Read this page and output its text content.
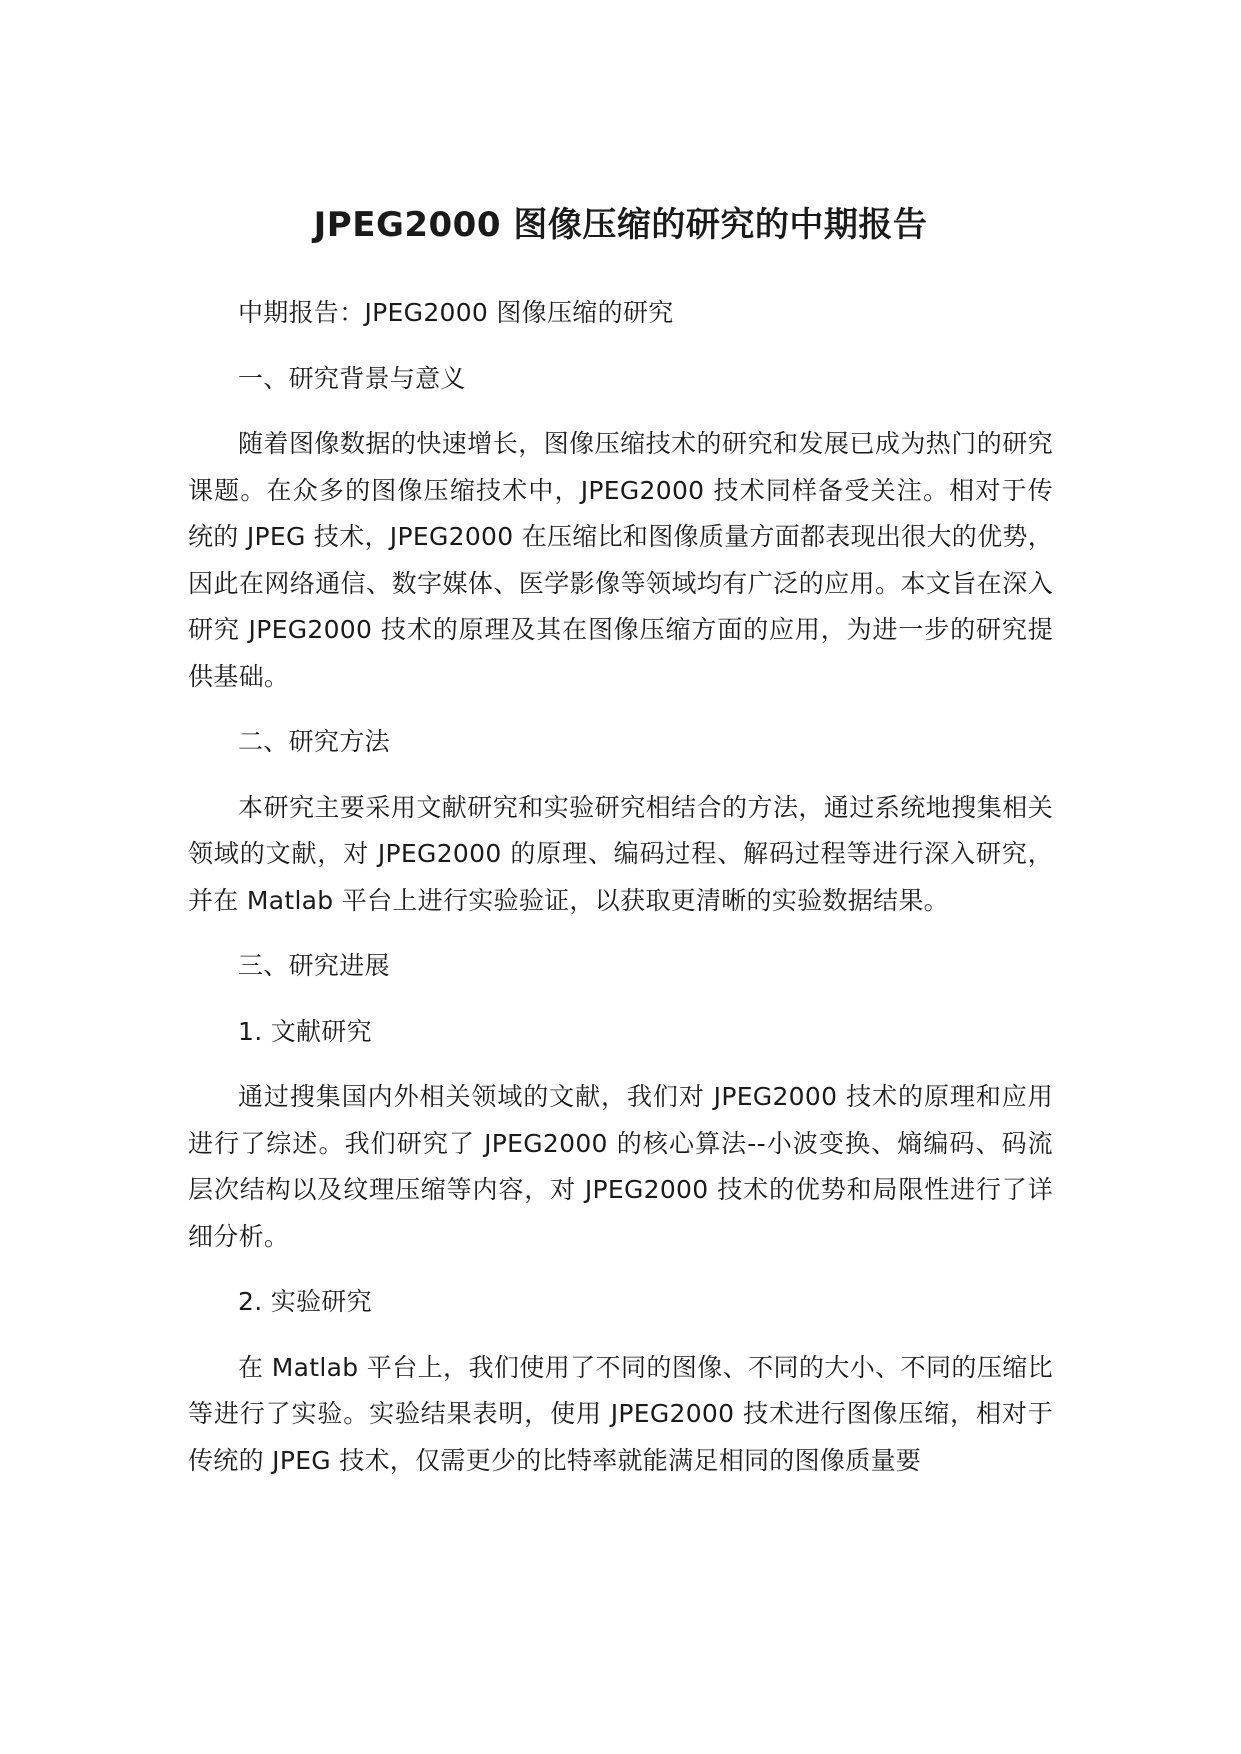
JPEG2000 图像压缩的研究的中期报告

中期报告：JPEG2000 图像压缩的研究

一、研究背景与意义

随着图像数据的快速增长，图像压缩技术的研究和发展已成为热门的研究课题。在众多的图像压缩技术中，JPEG2000 技术同样备受关注。相对于传统的 JPEG 技术，JPEG2000 在压缩比和图像质量方面都表现出很大的优势，因此在网络通信、数字媒体、医学影像等领域均有广泛的应用。本文旨在深入研究 JPEG2000 技术的原理及其在图像压缩方面的应用，为进一步的研究提供基础。

二、研究方法

本研究主要采用文献研究和实验研究相结合的方法，通过系统地搜集相关领域的文献，对 JPEG2000 的原理、编码过程、解码过程等进行深入研究，并在 Matlab 平台上进行实验验证，以获取更清晰的实验数据结果。

三、研究进展

1. 文献研究

通过搜集国内外相关领域的文献，我们对 JPEG2000 技术的原理和应用进行了综述。我们研究了 JPEG2000 的核心算法--小波变换、熵编码、码流层次结构以及纹理压缩等内容，对 JPEG2000 技术的优势和局限性进行了详细分析。

2. 实验研究

在 Matlab 平台上，我们使用了不同的图像、不同的大小、不同的压缩比等进行了实验。实验结果表明，使用 JPEG2000 技术进行图像压缩，相对于传统的 JPEG 技术，仅需更少的比特率就能满足相同的图像质量要
